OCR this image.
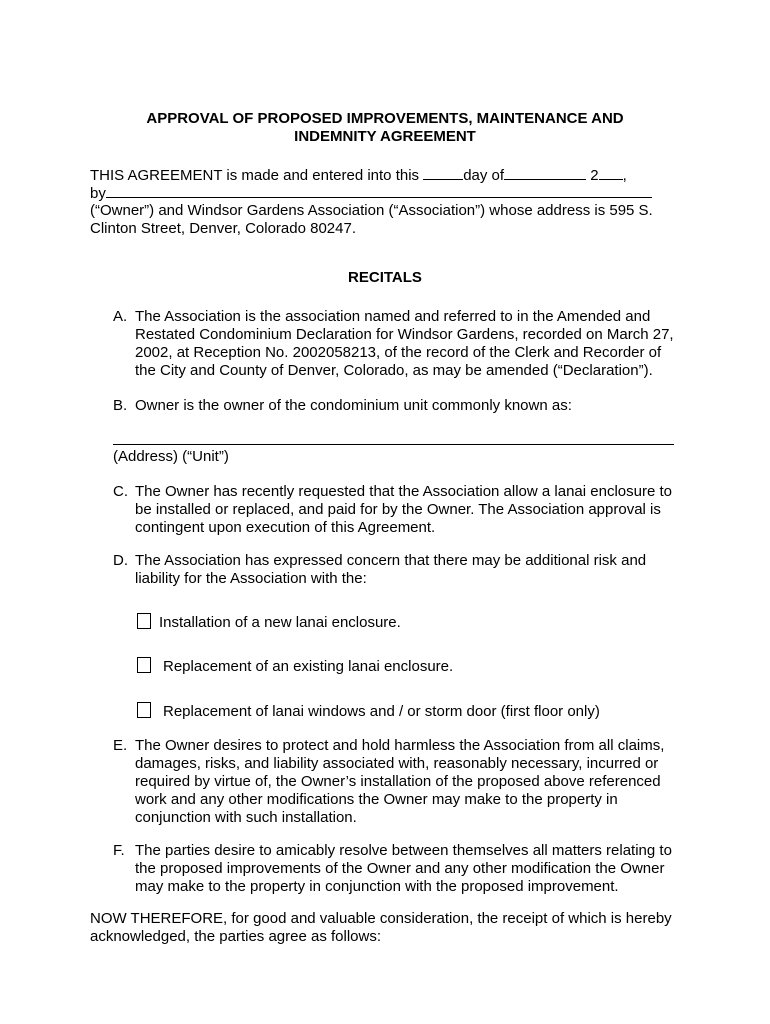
APPROVAL OF PROPOSED IMPROVEMENTS, MAINTENANCE AND
INDEMNITY AGREEMENT
THIS AGREEMENT is made and entered into this	day of	2 ,
by
(“Owner”) and Windsor Gardens Association (“Association”) whose address is 595 S.
Clinton Street, Denver, Colorado 80247.
RECITALS
A. The Association is the association named and referred to in the Amended and
Restated Condominium Declaration for Windsor Gardens, recorded on March 27,
2002, at Reception No. 2002058213, of the record of the Clerk and Recorder of
the City and County of Denver, Colorado, as may be amended (“Declaration”).
B. Owner is the owner of the condominium unit commonly known as:
(Address) (“Unit”)
C. The Owner has recently requested that the Association allow a lanai enclosure to
be installed or replaced, and paid for by the Owner. The Association approval is
contingent upon execution of this Agreement.
D. The Association has expressed concern that there may be additional risk and
liability for the Association with the:
Installation of a new lanai enclosure.
Replacement of an existing lanai enclosure.
Replacement of lanai windows and / or storm door (first floor only)
E. The Owner desires to protect and hold harmless the Association from all claims,
damages, risks, and liability associated with, reasonably necessary, incurred or
required by virtue of, the Owner’s installation of the proposed above referenced
work and any other modifications the Owner may make to the property in
conjunction with such installation.
F. The parties desire to amicably resolve between themselves all matters relating to
the proposed improvements of the Owner and any other modification the Owner
may make to the property in conjunction with the proposed improvement.
NOW THEREFORE, for good and valuable consideration, the receipt of which is hereby
acknowledged, the parties agree as follows:
